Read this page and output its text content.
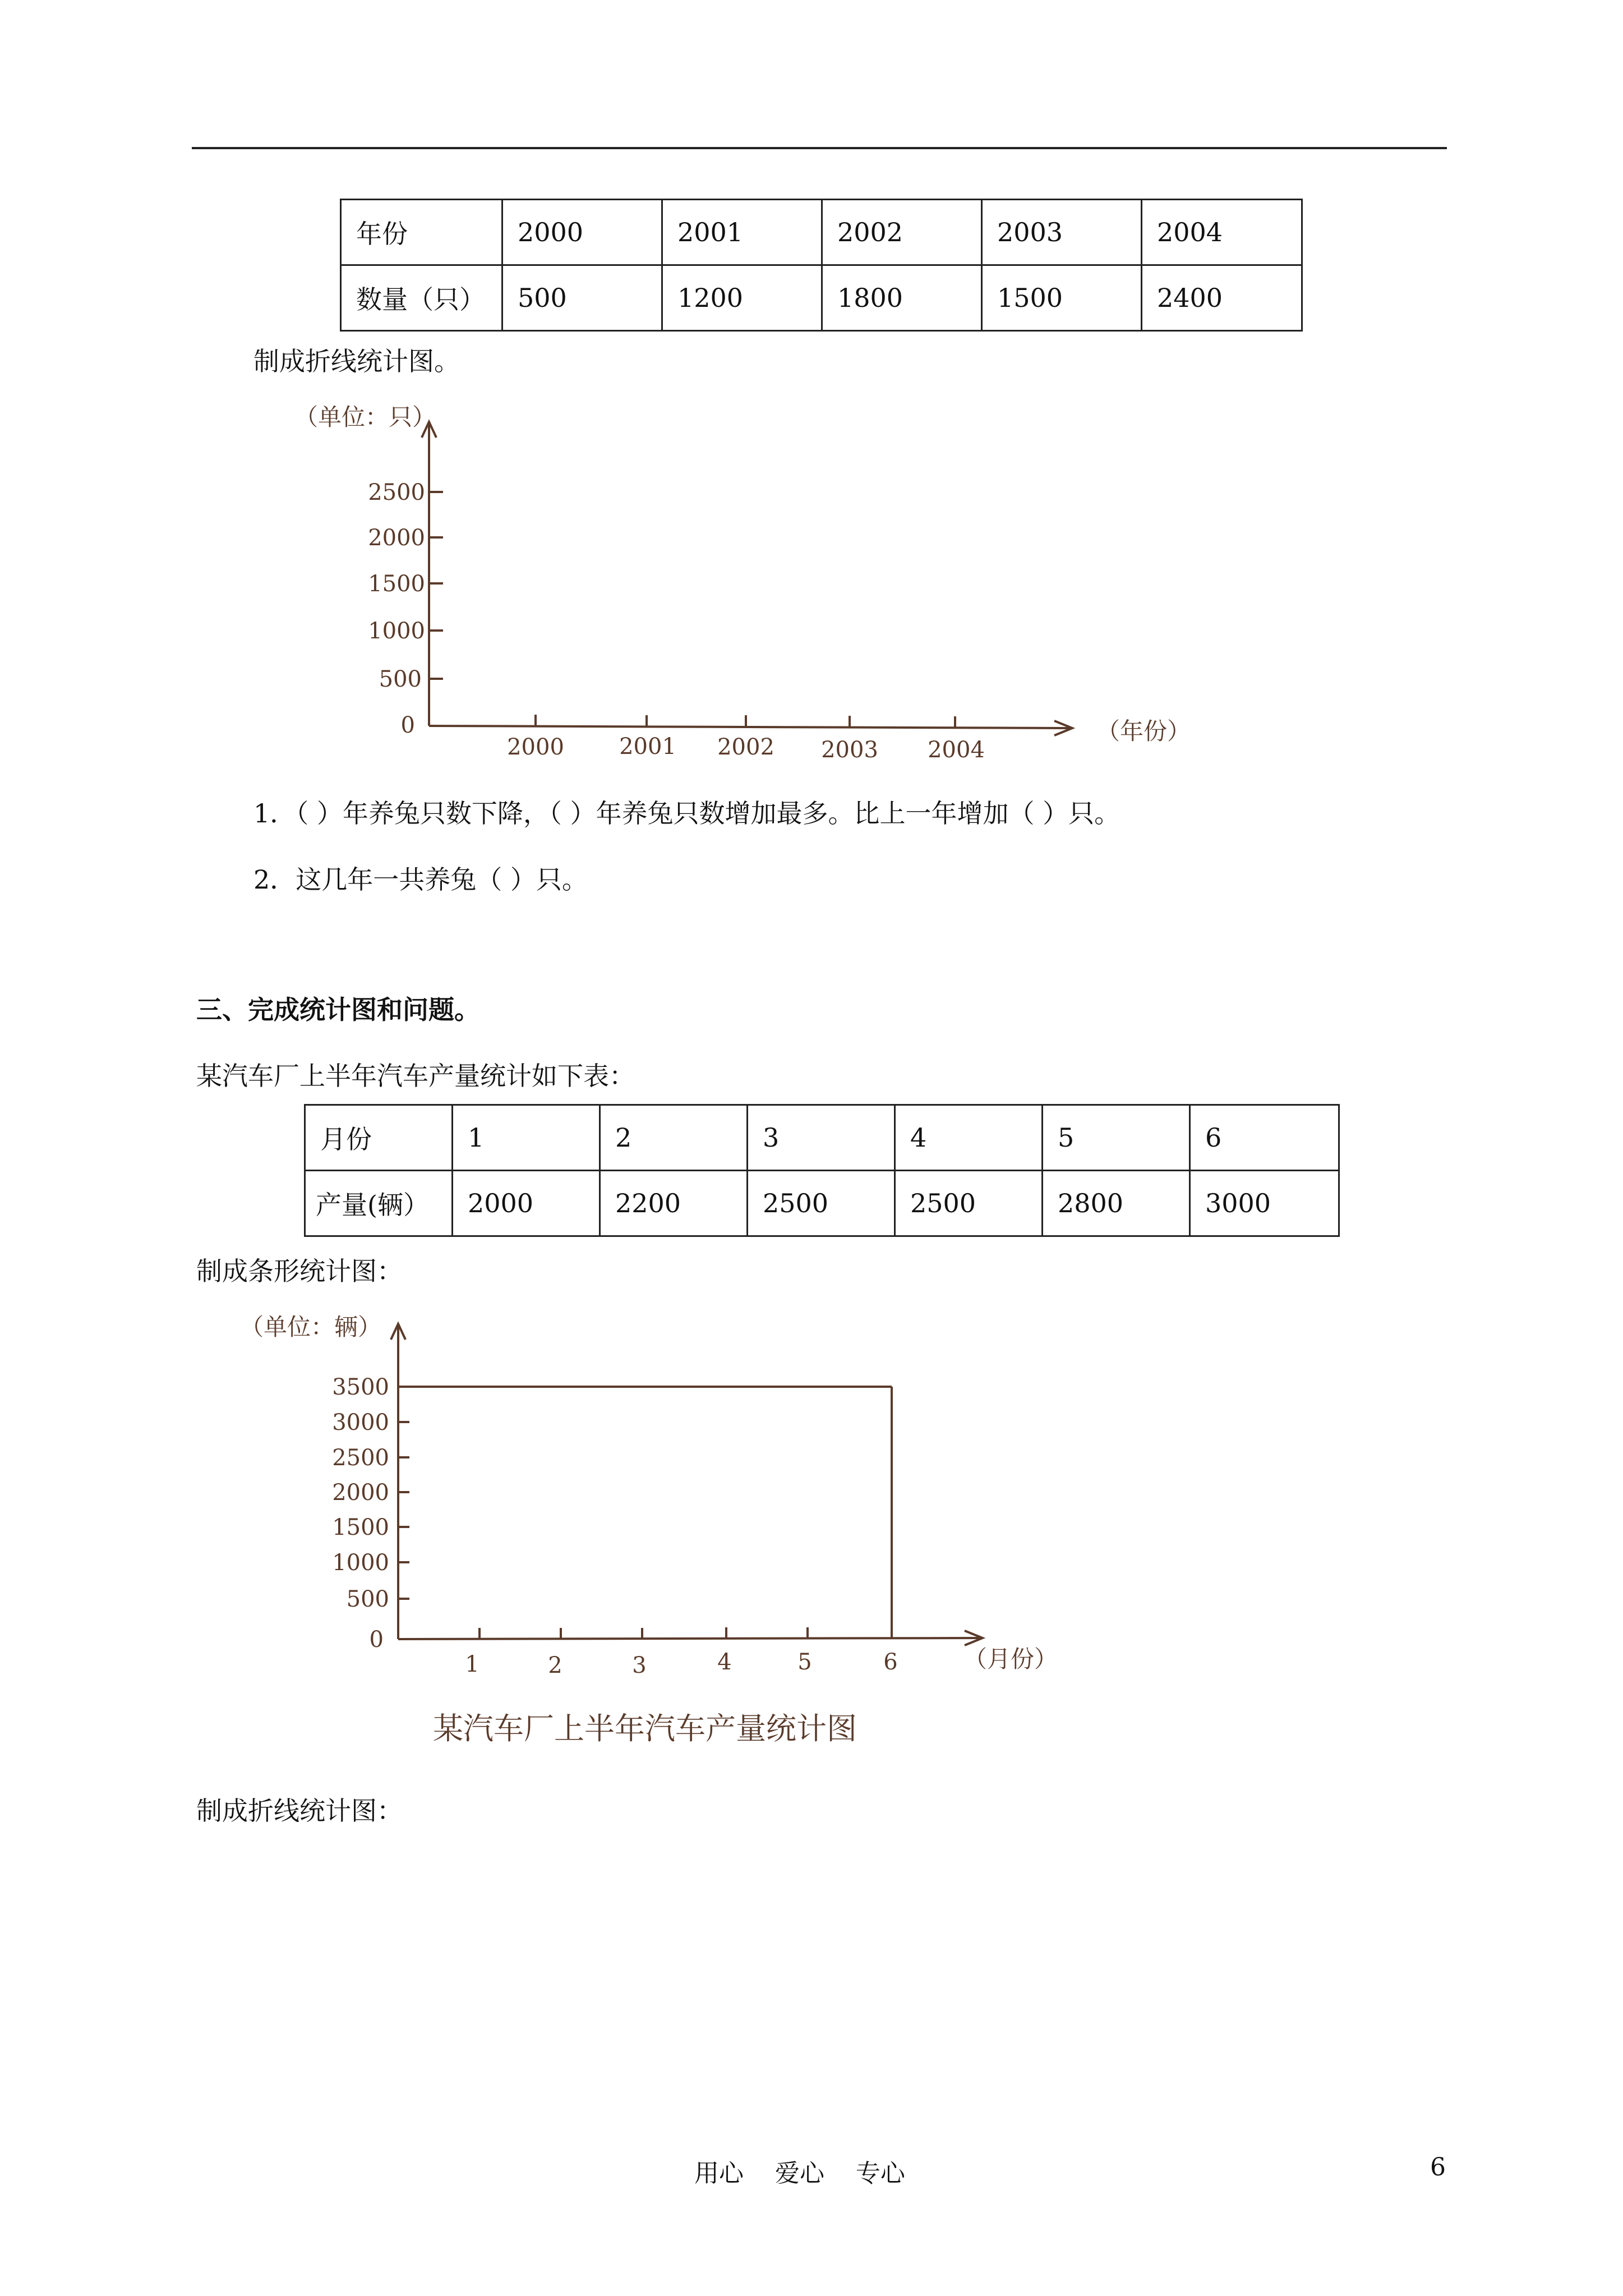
年份	2000	2001	2002	2003	2004
数量（只）	500	1200	1800	1500	2400
制成折线统计图。
（单位：只）
2500
2000
1500
1000
500
0
2000 2001 2002 2003 2004
（年份）
1．（ ）年养兔只数下降，（ ）年养兔只数增加最多。比上一年增加（ ）只。
2．这几年一共养兔（ ）只。
三、完成统计图和问题。
某汽车厂上半年汽车产量统计如下表：
月份	1	2	3	4	5	6
产量(辆）	2000	2200	2500	2500	2800	3000
制成条形统计图：
（单位：辆）
3500
3000
2500
2000
1500
1000
500
0
1	2	3	4	5	6	（月份）
某汽车厂上半年汽车产量统计图
制成折线统计图：
用心    爱心    专心	6
